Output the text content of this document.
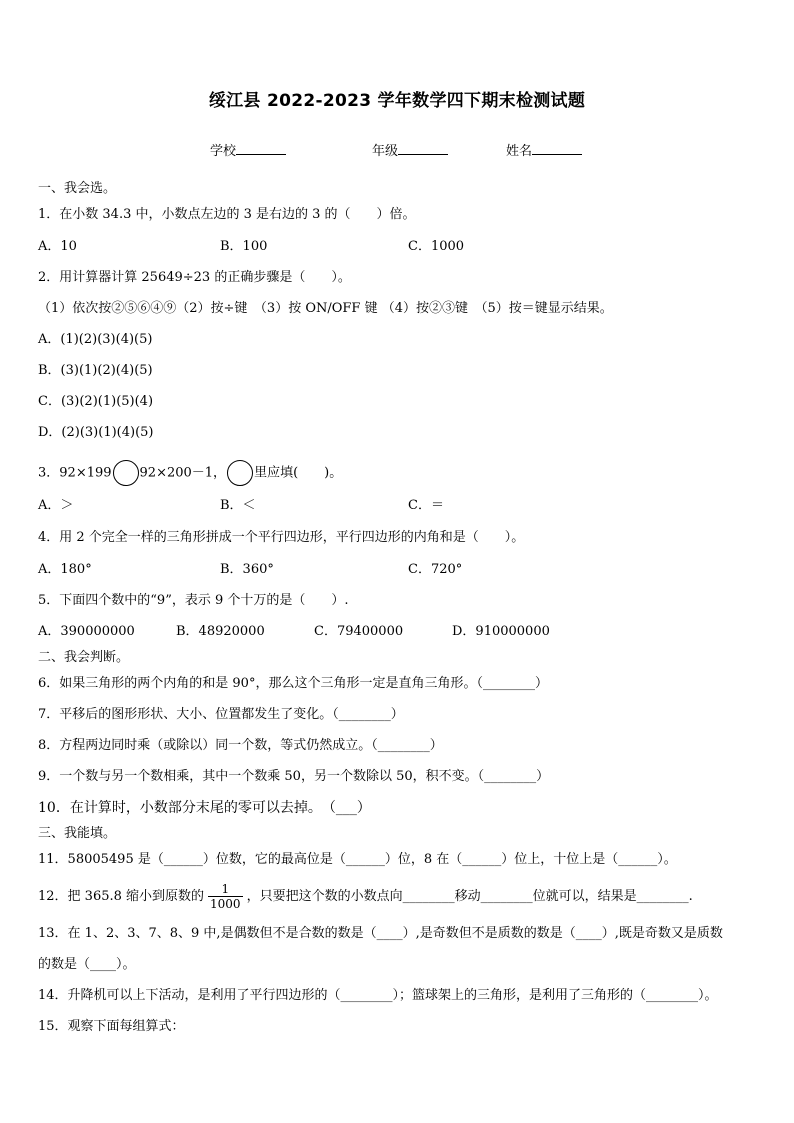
绥江县 2022-2023 学年数学四下期末检测试题
学校	年级	姓名
一、我会选。
1．在小数 34.3 中，小数点左边的 3 是右边的 3 的（　　）倍。
A．10	B．100	C．1000
2．用计算器计算 25649÷23 的正确步骤是（　　）。
（1）依次按②⑤⑥④⑨（2）按÷键　（3）按 ON/OFF 键 （4）按②③键　（5）按＝键显示结果。
A．(1)(2)(3)(4)(5)
B．(3)(1)(2)(4)(5)
C．(3)(2)(1)(5)(4)
D．(2)(3)(1)(4)(5)
3．92×199 92×200－1， 里应填(　　)。
A．＞	B．＜	C．＝
4．用 2 个完全一样的三角形拼成一个平行四边形，平行四边形的内角和是（　　）。
A．180°	B．360°	C．720°
5．下面四个数中的“9”，表示 9 个十万的是（　　）.
A．390000000	B．48920000	C．79400000	D．910000000
二、我会判断。
6．如果三角形的两个内角的和是 90°，那么这个三角形一定是直角三角形。（________）
7．平移后的图形形状、大小、位置都发生了变化。（________）
8．方程两边同时乘（或除以）同一个数，等式仍然成立。（________）
9．一个数与另一个数相乘，其中一个数乘 50，另一个数除以 50，积不变。（________）
10．在计算时，小数部分末尾的零可以去掉。　（___）
三、我能填。
11．58005495 是（______）位数，它的最高位是（______）位，8 在（______）位上，十位上是（______）。
12．把 365.8 缩小到原数的 $\frac{1}{1000}$ ，只要把这个数的小数点向________移动________位就可以，结果是________.
13．在 1、2、3、7、8、9 中,是偶数但不是合数的数是（____）,是奇数但不是质数的数是（____）,既是奇数又是质数
的数是（____）。
14．升降机可以上下活动，是利用了平行四边形的（________）；篮球架上的三角形，是利用了三角形的（________）。
15．观察下面每组算式：
